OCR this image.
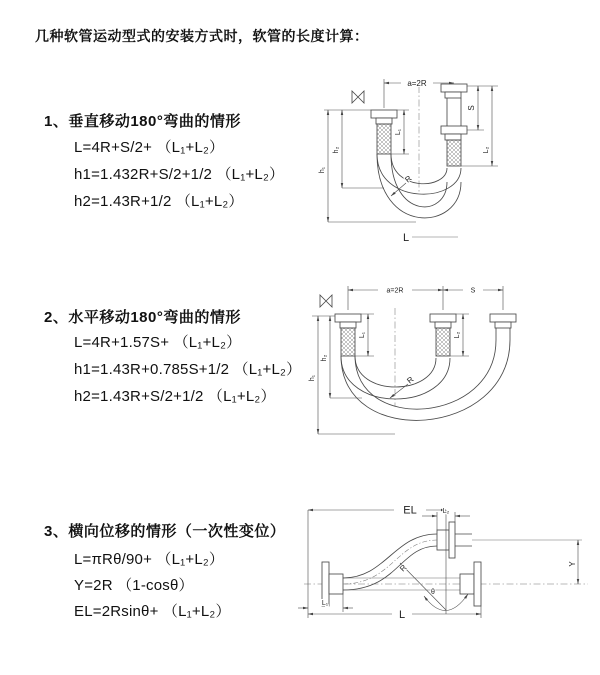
几种软管运动型式的安装方式时，软管的长度计算：
1、垂直移动180°弯曲的情形
L=4R+S/2+ （L₁+L₂）
h1=1.432R+S/2+1/2 （L₁+L₂）
h2=1.43R+1/2 （L₁+L₂）
a=2R
S
L₂
L₁
h₂
h₁
R
L
2、水平移动180°弯曲的情形
L=4R+1.57S+ （L₁+L₂）
h1=1.43R+0.785S+1/2 （L₁+L₂）
h2=1.43R+S/2+1/2 （L₁+L₂）
a=2R	S
h₂
h₁
L₁	L₂
R
3、横向位移的情形（一次性变位）
L=πRθ/90+ （L₁+L₂）
Y=2R （1-cosθ）
EL=2Rsinθ+ （L₁+L₂）
EL	L₂
Y
L
L₁
R
θ
